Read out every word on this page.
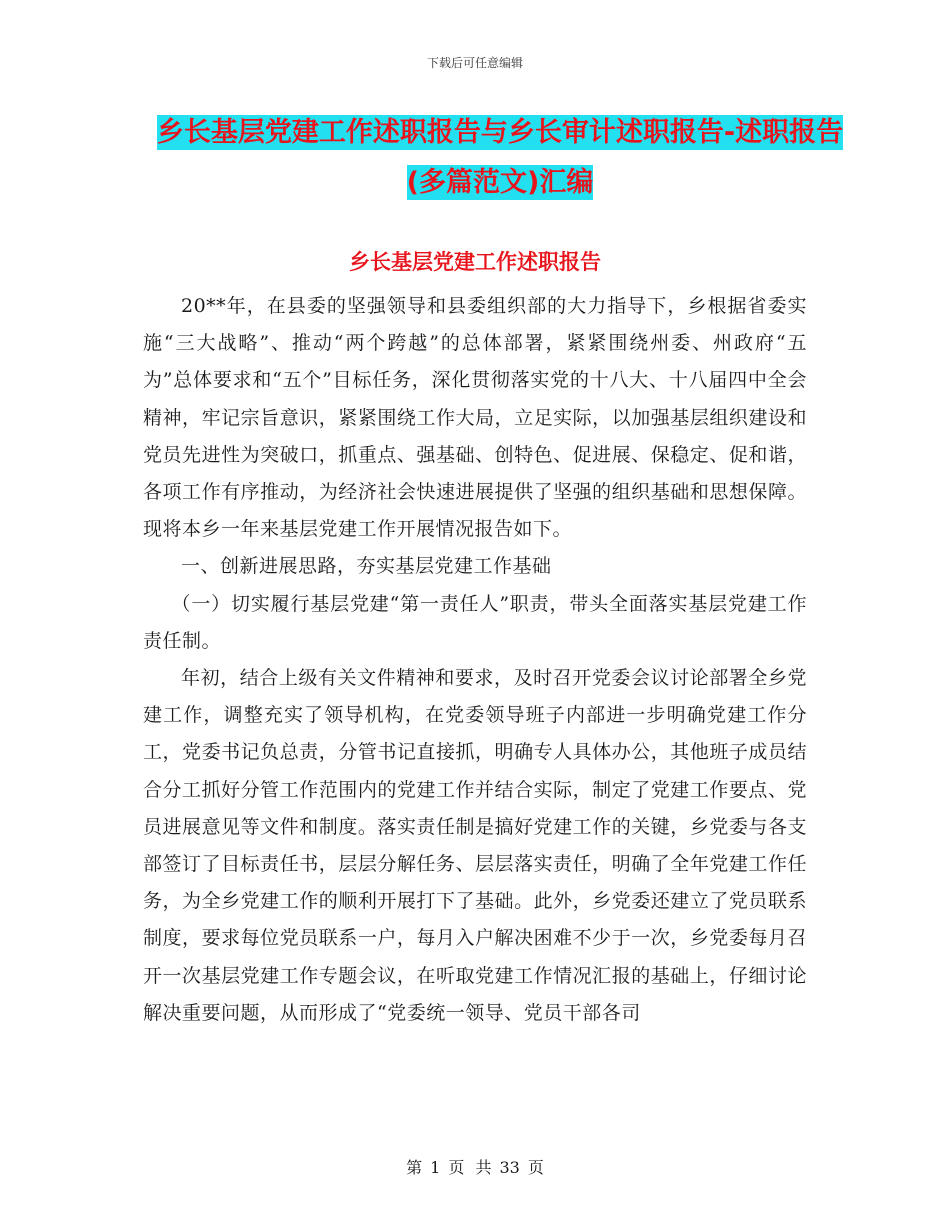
下载后可任意编辑
乡长基层党建工作述职报告与乡长审计述职报告-述职报告(多篇范文)汇编
乡长基层党建工作述职报告

20**年，在县委的坚强领导和县委组织部的大力指导下，乡根据省委实施“三大战略”、推动“两个跨越”的总体部署，紧紧围绕州委、州政府“五为”总体要求和“五个”目标任务，深化贯彻落实党的十八大、十八届四中全会精神，牢记宗旨意识，紧紧围绕工作大局，立足实际，以加强基层组织建设和党员先进性为突破口，抓重点、强基础、创特色、促进展、保稳定、促和谐，各项工作有序推动，为经济社会快速进展提供了坚强的组织基础和思想保障。现将本乡一年来基层党建工作开展情况报告如下。

一、创新进展思路，夯实基层党建工作基础

（一）切实履行基层党建“第一责任人”职责，带头全面落实基层党建工作责任制。

年初，结合上级有关文件精神和要求，及时召开党委会议讨论部署全乡党建工作，调整充实了领导机构，在党委领导班子内部进一步明确党建工作分工，党委书记负总责，分管书记直接抓，明确专人具体办公，其他班子成员结合分工抓好分管工作范围内的党建工作并结合实际，制定了党建工作要点、党员进展意见等文件和制度。落实责任制是搞好党建工作的关键，乡党委与各支部签订了目标责任书，层层分解任务、层层落实责任，明确了全年党建工作任务，为全乡党建工作的顺利开展打下了基础。此外，乡党委还建立了党员联系制度，要求每位党员联系一户，每月入户解决困难不少于一次，乡党委每月召开一次基层党建工作专题会议，在听取党建工作情况汇报的基础上，仔细讨论解决重要问题，从而形成了“党委统一领导、党员干部各司

第 1 页 共 33 页
